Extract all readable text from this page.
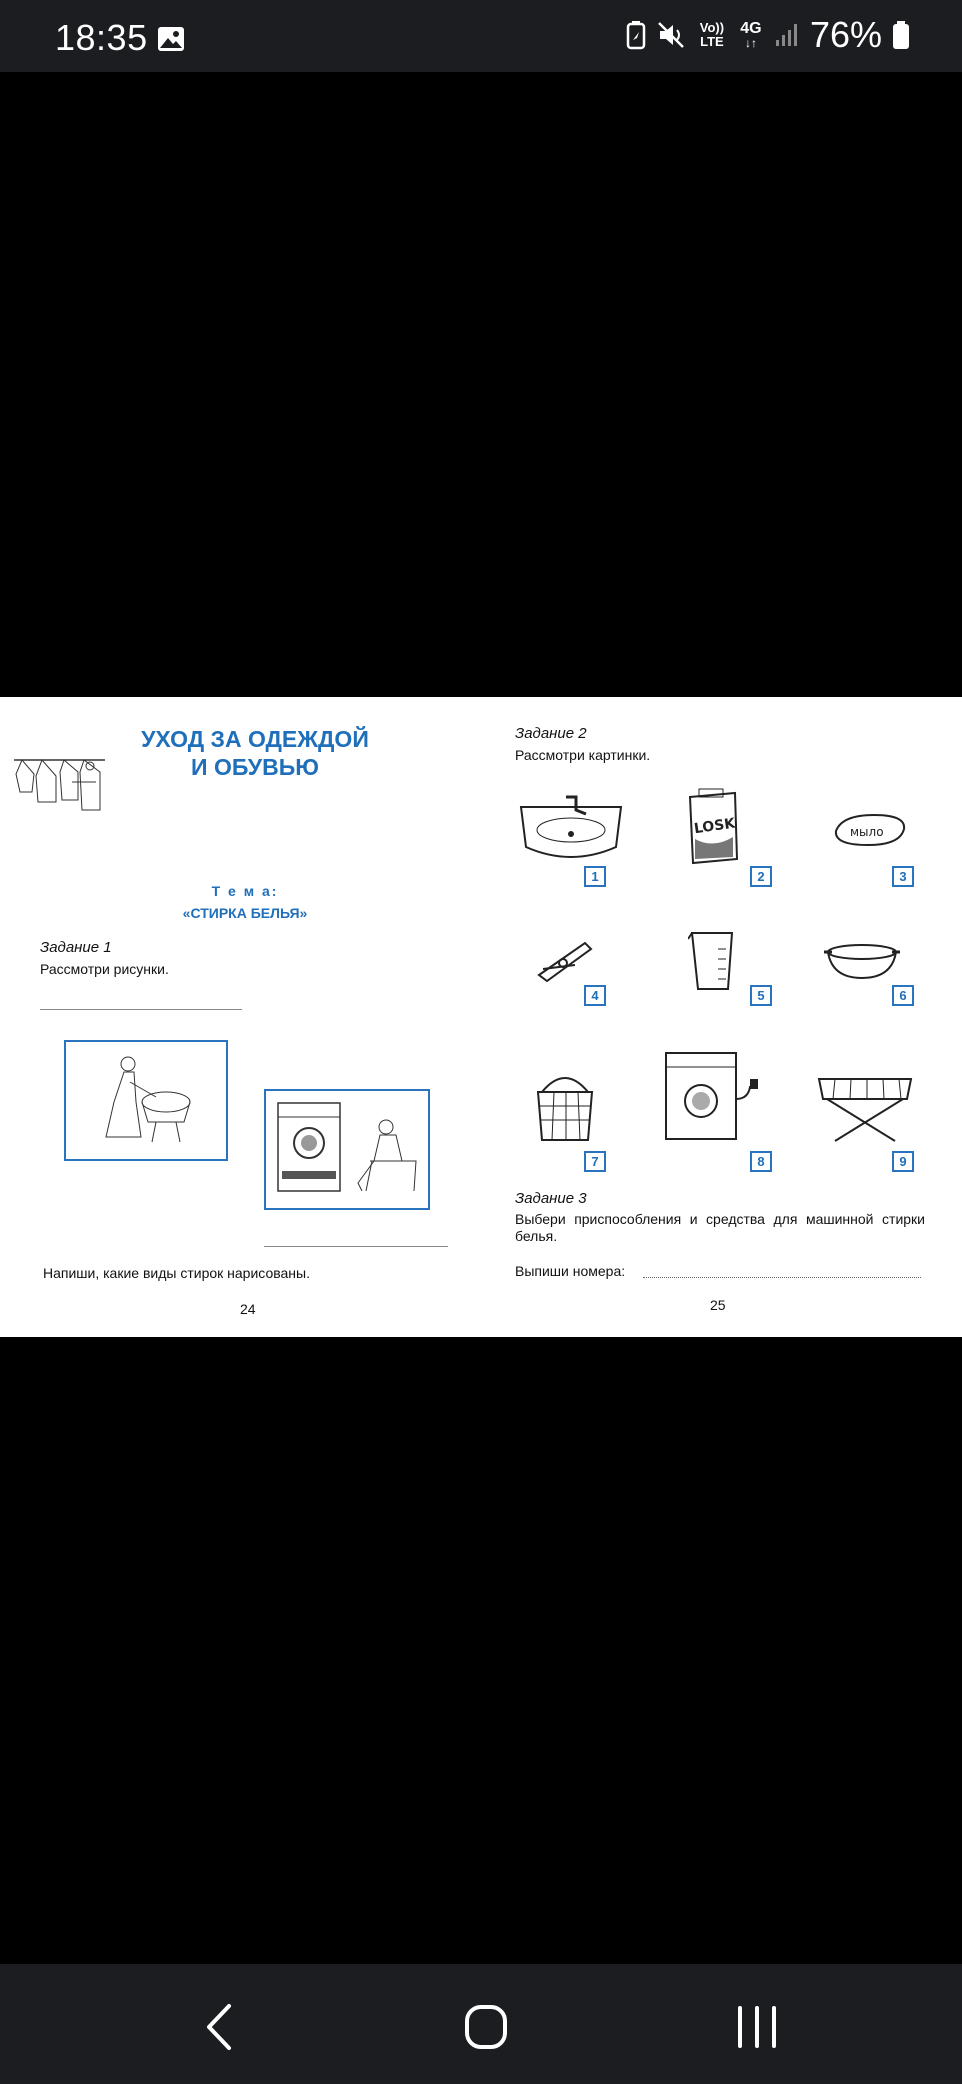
18:35	Vo)) LTE
4G
↓↑ 76%
УХОД ЗА ОДЕЖДОЙ
И ОБУВЬЮ
Т е м а:
«СТИРКА БЕЛЬЯ»
Задание 1
Рассмотри рисунки.
Напиши, какие виды стирок нарисованы.
24
Задание 2
Рассмотри картинки.
1
LOSK
2
мыло
3
4	5	6
7	8	9
Задание 3
Выбери приспособления и средства для машинной стирки белья.
Выпиши номера:
25
